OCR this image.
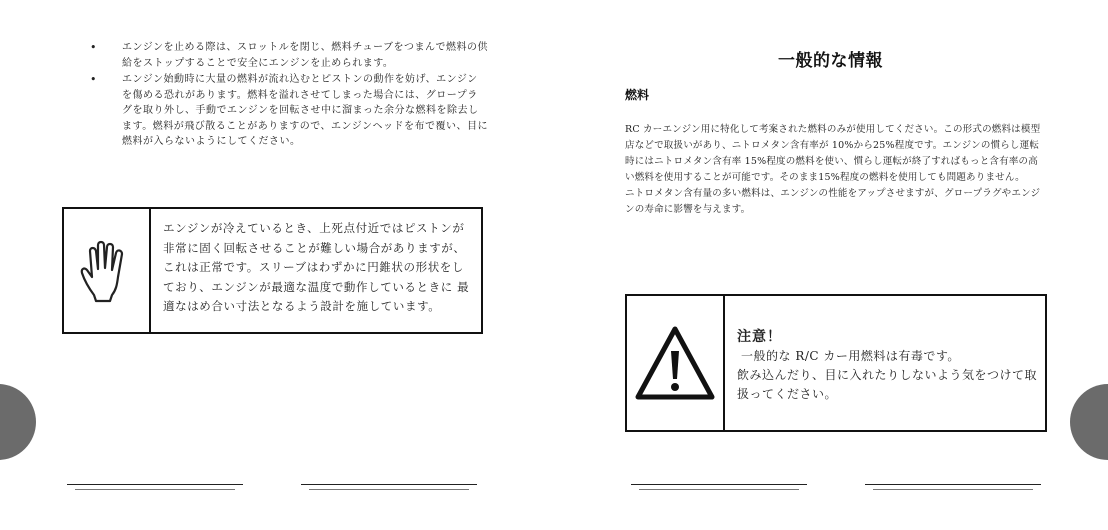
•	エンジンを止める際は、スロットルを閉じ、燃料チューブをつまんで燃料の供給をストップすることで安全にエンジンを止められます。
•	エンジン始動時に大量の燃料が流れ込むとピストンの動作を妨げ、エンジンを傷める恐れがあります。燃料を溢れさせてしまった場合には、グロープラグを取り外し、手動でエンジンを回転させ中に溜まった余分な燃料を除去します。燃料が飛び散ることがありますので、エンジンヘッドを布で覆い、目に燃料が入らないようにしてください。
エンジンが冷えているとき、上死点付近ではピストンが非常に固く回転させることが難しい場合がありますが、これは正常です。スリーブはわずかに円錐状の形状をしており、エンジンが最適な温度で動作しているときに 最適なはめ合い寸法となるよう設計を施しています。
一般的な情報
燃料

RC カーエンジン用に特化して考案された燃料のみが使用してください。この形式の燃料は模型店などで取扱いがあり、ニトロメタン含有率が 10%から25%程度です。エンジンの慣らし運転時にはニトロメタン含有率 15%程度の燃料を使い、慣らし運転が終了すればもっと含有率の高い燃料を使用することが可能です。そのまま15%程度の燃料を使用しても問題ありません。

ニトロメタン含有量の多い燃料は、エンジンの性能をアップさせますが、グロープラグやエンジンの寿命に影響を与えます。

注意！
一般的な R/C カー用燃料は有毒です。
飲み込んだり、目に入れたりしないよう気をつけて取扱ってください。
